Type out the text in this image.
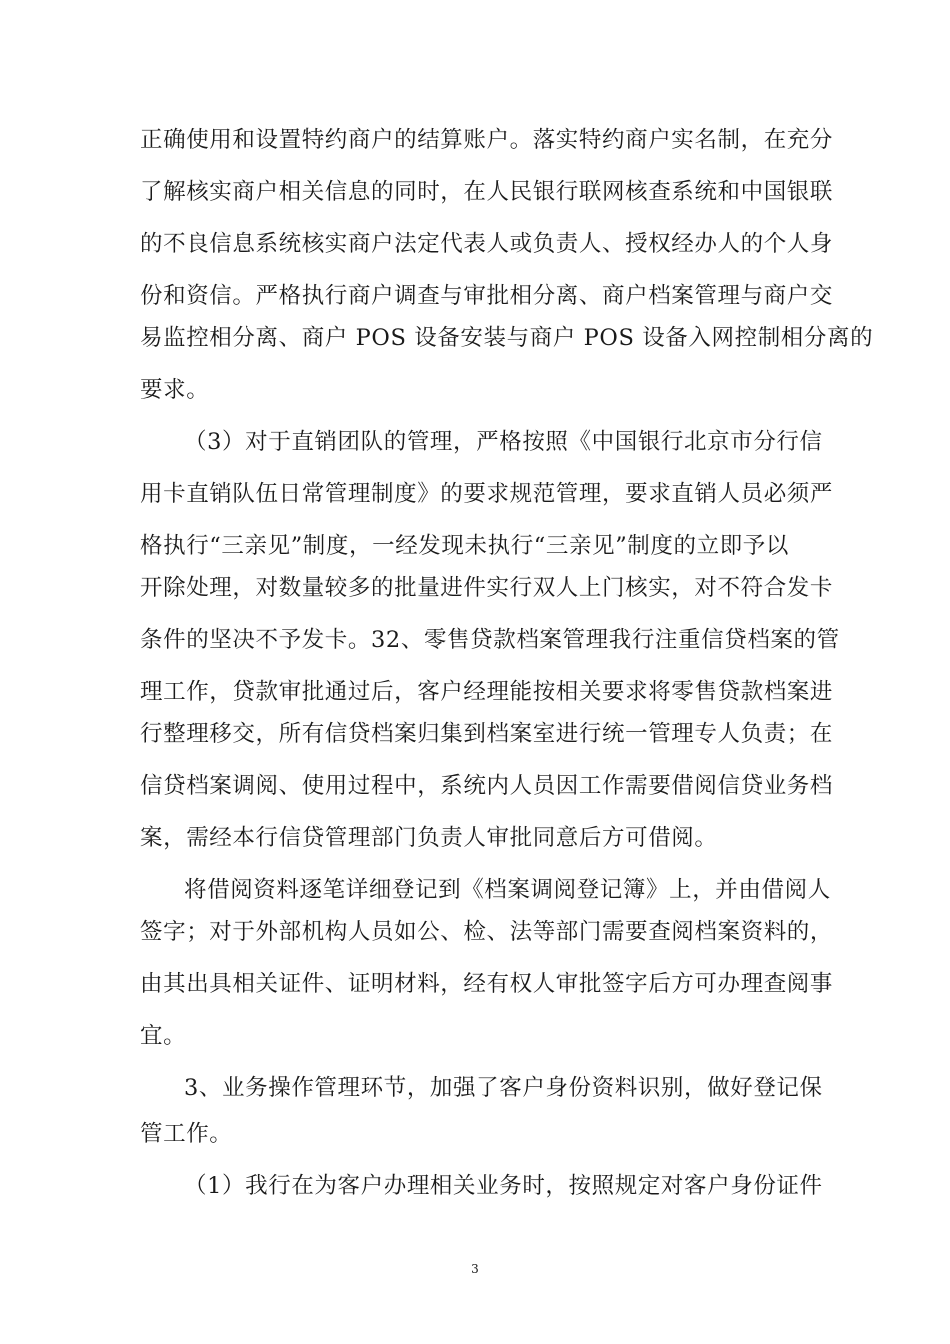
正确使用和设置特约商户的结算账户。落实特约商户实名制，在充分
了解核实商户相关信息的同时，在人民银行联网核查系统和中国银联
的不良信息系统核实商户法定代表人或负责人、授权经办人的个人身
份和资信。严格执行商户调查与审批相分离、商户档案管理与商户交
易监控相分离、商户 POS 设备安装与商户 POS 设备入网控制相分离的
要求。
（3）对于直销团队的管理，严格按照《中国银行北京市分行信
用卡直销队伍日常管理制度》的要求规范管理，要求直销人员必须严
格执行“三亲见”制度，一经发现未执行“三亲见”制度的立即予以
开除处理，对数量较多的批量进件实行双人上门核实，对不符合发卡
条件的坚决不予发卡。32、零售贷款档案管理我行注重信贷档案的管
理工作，贷款审批通过后，客户经理能按相关要求将零售贷款档案进
行整理移交，所有信贷档案归集到档案室进行统一管理专人负责；在
信贷档案调阅、使用过程中，系统内人员因工作需要借阅信贷业务档
案，需经本行信贷管理部门负责人审批同意后方可借阅。
将借阅资料逐笔详细登记到《档案调阅登记簿》上，并由借阅人
签字；对于外部机构人员如公、检、法等部门需要查阅档案资料的，
由其出具相关证件、证明材料，经有权人审批签字后方可办理查阅事
宜。
3、业务操作管理环节，加强了客户身份资料识别，做好登记保
管工作。
（1）我行在为客户办理相关业务时，按照规定对客户身份证件
3
